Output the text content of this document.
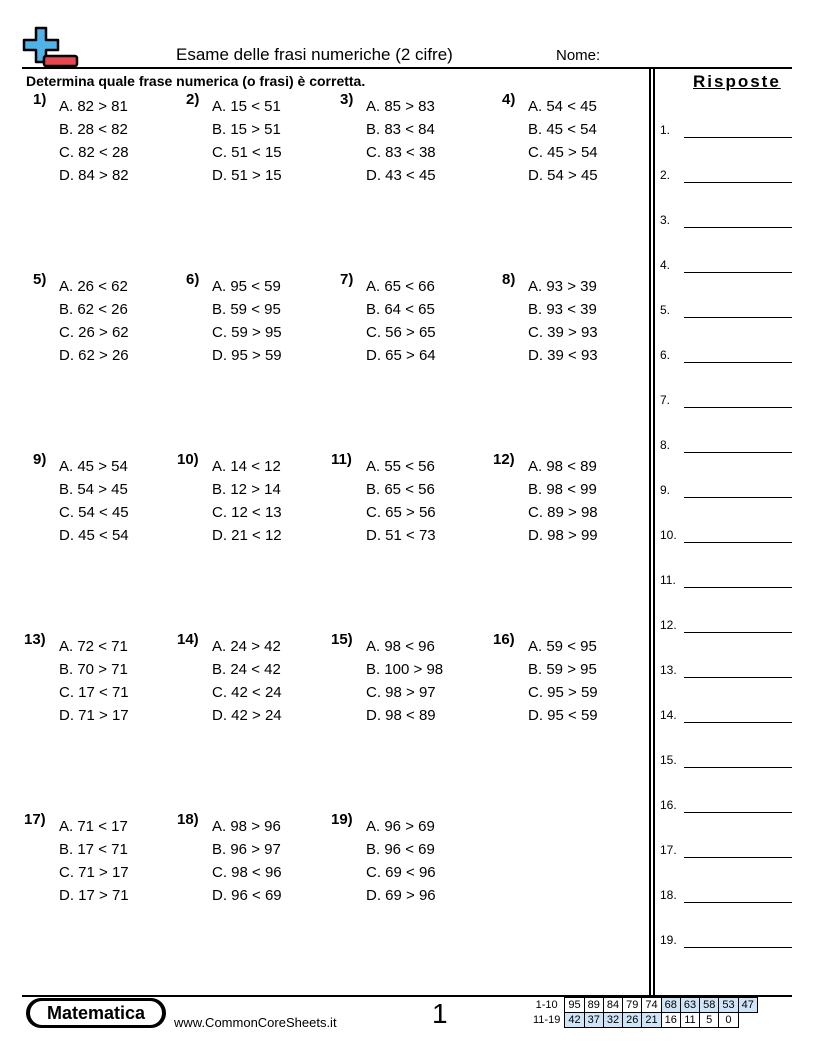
Esame delle frasi numeriche (2 cifre)	Nome:
Determina quale frase numerica (o frasi) è corretta.	Risposte
1.
2.
3.
4.
5.
6.
7.
8.
9.
10.
11.
12.
13.
14.
15.
16.
17.
18.
19.
1) A. 82 > 81
B. 28 < 82
C. 82 < 28
D. 84 > 82
2) A. 15 < 51
B. 15 > 51
C. 51 < 15
D. 51 > 15
3) A. 85 > 83
B. 83 < 84
C. 83 < 38
D. 43 < 45
4) A. 54 < 45
B. 45 < 54
C. 45 > 54
D. 54 > 45
5) A. 26 < 62
B. 62 < 26
C. 26 > 62
D. 62 > 26
6) A. 95 < 59
B. 59 < 95
C. 59 > 95
D. 95 > 59
7) A. 65 < 66
B. 64 < 65
C. 56 > 65
D. 65 > 64
8) A. 93 > 39
B. 93 < 39
C. 39 > 93
D. 39 < 93
9) A. 45 > 54
B. 54 > 45
C. 54 < 45
D. 45 < 54
10) A. 14 < 12
B. 12 > 14
C. 12 < 13
D. 21 < 12
11) A. 55 < 56
B. 65 < 56
C. 65 > 56
D. 51 < 73
12) A. 98 < 89
B. 98 < 99
C. 89 > 98
D. 98 > 99
13) A. 72 < 71
B. 70 > 71
C. 17 < 71
D. 71 > 17
14) A. 24 > 42
B. 24 < 42
C. 42 < 24
D. 42 > 24
15) A. 98 < 96
B. 100 > 98
C. 98 > 97
D. 98 < 89
16) A. 59 < 95
B. 59 > 95
C. 95 > 59
D. 95 < 59
17) A. 71 < 17
B. 17 < 71
C. 71 > 17
D. 17 > 71
18) A. 98 > 96
B. 96 > 97
C. 98 < 96
D. 96 < 69
19) A. 96 > 69
B. 96 < 69
C. 69 < 96
D. 69 > 96
Matematica	www.CommonCoreSheets.it	1	1-10	95	89	84	79	74	68	63	58	53	47
11-19	42	37	32	26	21	16	11	5	0	
